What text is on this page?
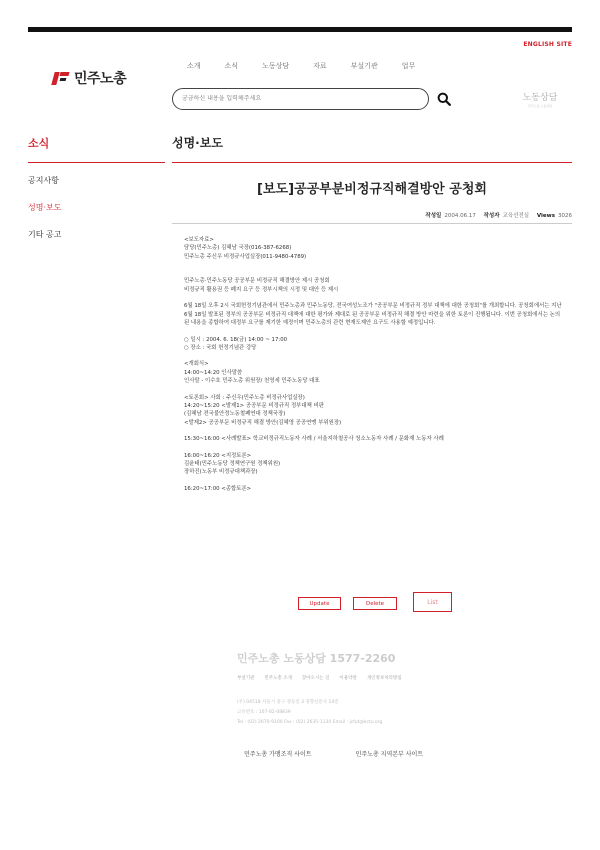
ENGLISH SITE
민주노총
소개	소식	노동상담	자료	부설기관	업무
궁금하신 내용을 입력해주세요
노동상담
민주노총 노동상담
소식
공지사항
성명·보도
기타 공고
성명·보도
[보도]공공부분비정규직해결방안 공청회
작성일 2004.06.17 작성자 교육선전실 Views 3026

<보도자료>

담당(민주노총) 김혜남 국장(016-387-6268)

민주노총 주신우 비정규사업실장(011-9480-4789)

민주노총·민주노동당 공공부문 비정규직 해결방안 제시 공청회

비정규직 활용권 등 폐지 요구 등 정부시책의 시정 및 대안 등 제시

6월 18일 오후 2시 국회헌정기념관에서 민주노총과 민주노동당, 전국여성노조가 "공공부문 비정규직 정부 대책에 대한 공청회"를 개최합니다. 공청회에서는 지난 6월 18일 발표된 정부의 공공부문 비정규직 대책에 대한 평가와 제대로 된 공공부문 비정규직 해결 방안 마련을 위한 토론이 진행됩니다. 이번 공청회에서는 논의 된 내용을 종합하여 대정부 요구를 제기한 예정이며 민주노총의 관련 현재도제안 요구도 사용할 예정입니다.

○ 일시 : 2004. 6. 18(금) 14:00 ~ 17:00

○ 장소 : 국회 헌정기념관 강당

<개회식>

14:00~14:20 인사말씀

인사말 - 이수호 민주노총 위원장/ 천영세 민주노동당 대표

<토론회> 사회 : 주신우(민주노총 비정규사업실장)

14:20~15:20 <발제1> 공공부문 비정규직 정부대책 비판

(김혜남 전국불안정노동철폐연대 정책국장)

<발제2> 공공부문 비정규직 해결 방안(김혜영 공공연맹 부위원장)

15:30~16:00 <사례발표> 학교비정규직노동자 사례 / 서울지하철공사 청소노동자 사례 / 문화재 노동자 사례

16:00~16:20 <지정토론>

김윤태(민주노동당 정책연구원 정책위원)

장하진(노동부 비정규대책과장)

16:20~17:00 <종합토론>

Update	Delete	List
민주노총 노동상담 1577-2260
부설기관 민주노총 소개 찾아오시는 길 이용약관 개인정보처리방침
(우) 04518 서울시 중구 정동길 3 경향신문사 14층
고유번호 : 107-82-08839
Tel : (02) 2670-9100 Fax : (02) 2635-1134 Email : jcfut@kctu.org
민주노총 가맹조직 사이트	민주노총 지역본부 사이트
